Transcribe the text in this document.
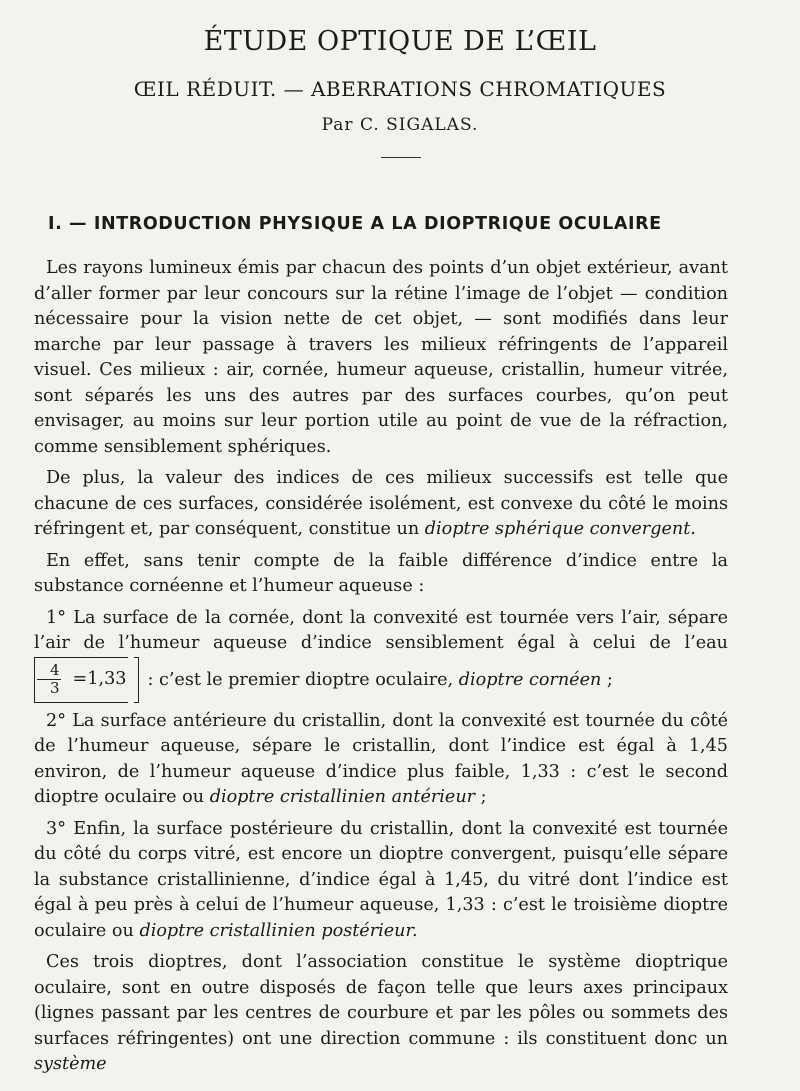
ÉTUDE OPTIQUE DE L’ŒIL
ŒIL RÉDUIT. — ABERRATIONS CHROMATIQUES
Par C. SIGALAS.
I. — INTRODUCTION PHYSIQUE A LA DIOPTRIQUE OCULAIRE

Les rayons lumineux émis par chacun des points d’un objet extérieur, avant d’aller former par leur concours sur la rétine l’image de l’objet — condition nécessaire pour la vision nette de cet objet, — sont modifiés dans leur marche par leur passage à travers les milieux réfringents de l’appareil visuel. Ces milieux : air, cornée, humeur aqueuse, cristallin, humeur vitrée, sont séparés les uns des autres par des surfaces courbes, qu’on peut envisager, au moins sur leur portion utile au point de vue de la réfraction, comme sensiblement sphériques.

De plus, la valeur des indices de ces milieux successifs est telle que chacune de ces surfaces, considérée isolément, est convexe du côté le moins réfringent et, par conséquent, constitue un dioptre sphérique convergent.

En effet, sans tenir compte de la faible différence d’indice entre la substance cornéenne et l’humeur aqueuse :

1° La surface de la cornée, dont la convexité est tournée vers l’air, sépare l’air de l’humeur aqueuse d’indice sensiblement égal à celui de l’eau
$\frac{4}{3} =1,33$ : c’est le premier dioptre oculaire, dioptre cornéen ;

2° La surface antérieure du cristallin, dont la convexité est tournée du côté de l’humeur aqueuse, sépare le cristallin, dont l’indice est égal à 1,45 environ, de l’humeur aqueuse d’indice plus faible, 1,33 : c’est le second dioptre oculaire ou dioptre cristallinien antérieur ;

3° Enfin, la surface postérieure du cristallin, dont la convexité est tournée du côté du corps vitré, est encore un dioptre convergent, puisqu’elle sépare la substance cristallinienne, d’indice égal à 1,45, du vitré dont l’indice est égal à peu près à celui de l’humeur aqueuse, 1,33 : c’est le troisième dioptre oculaire ou dioptre cristallinien postérieur.

Ces trois dioptres, dont l’association constitue le système dioptrique oculaire, sont en outre disposés de façon telle que leurs axes principaux (lignes passant par les centres de courbure et par les pôles ou sommets des surfaces réfringentes) ont une direction commune : ils constituent donc un système
